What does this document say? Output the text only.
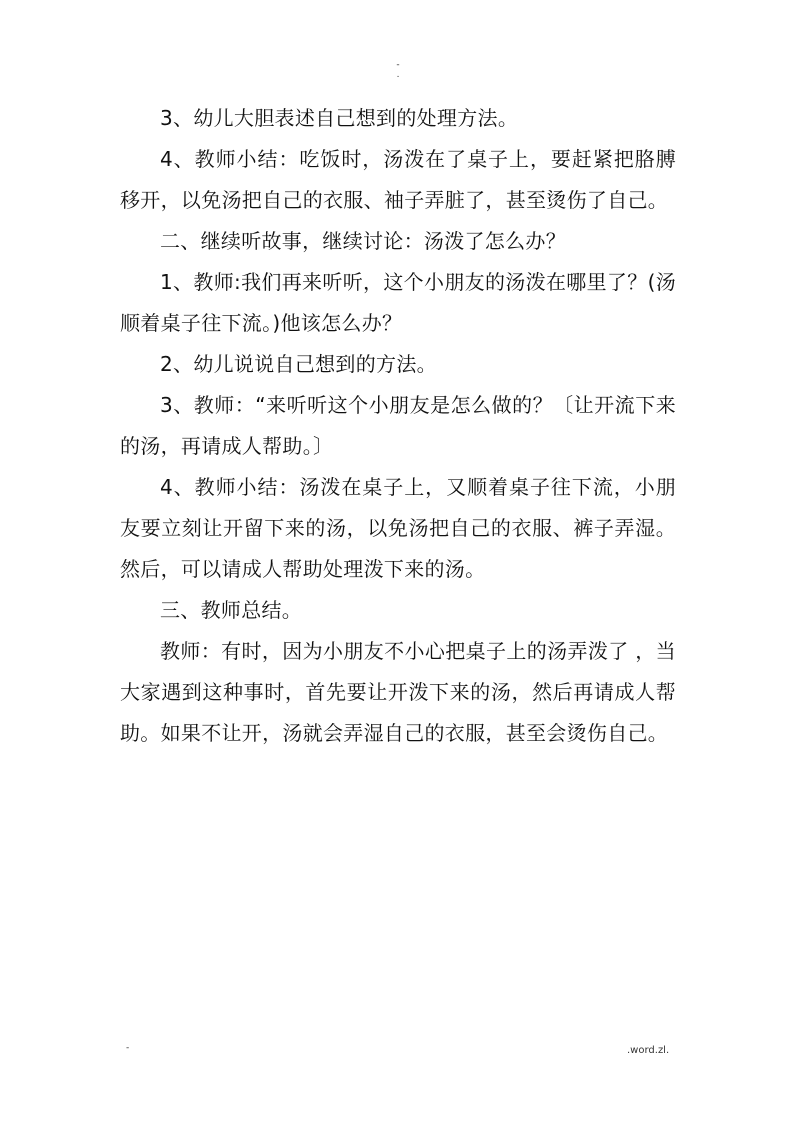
-
.

3、幼儿大胆表述自己想到的处理方法。

4、教师小结：吃饭时，汤泼在了桌子上，要赶紧把胳膊移开，以免汤把自己的衣服、袖子弄脏了，甚至烫伤了自己。

二、继续听故事，继续讨论：汤泼了怎么办？

1、教师:我们再来听听，这个小朋友的汤泼在哪里了？(汤顺着桌子往下流。)他该怎么办？

2、幼儿说说自己想到的方法。

3、教师：“来听听这个小朋友是怎么做的？〔让开流下来的汤，再请成人帮助。〕

4、教师小结：汤泼在桌子上，又顺着桌子往下流，小朋友要立刻让开留下来的汤，以免汤把自己的衣服、裤子弄湿。然后，可以请成人帮助处理泼下来的汤。

三、教师总结。

教师：有时，因为小朋友不小心把桌子上的汤弄泼了 ，当大家遇到这种事时，首先要让开泼下来的汤，然后再请成人帮助。如果不让开，汤就会弄湿自己的衣服，甚至会烫伤自己。

-	.word.zl.
